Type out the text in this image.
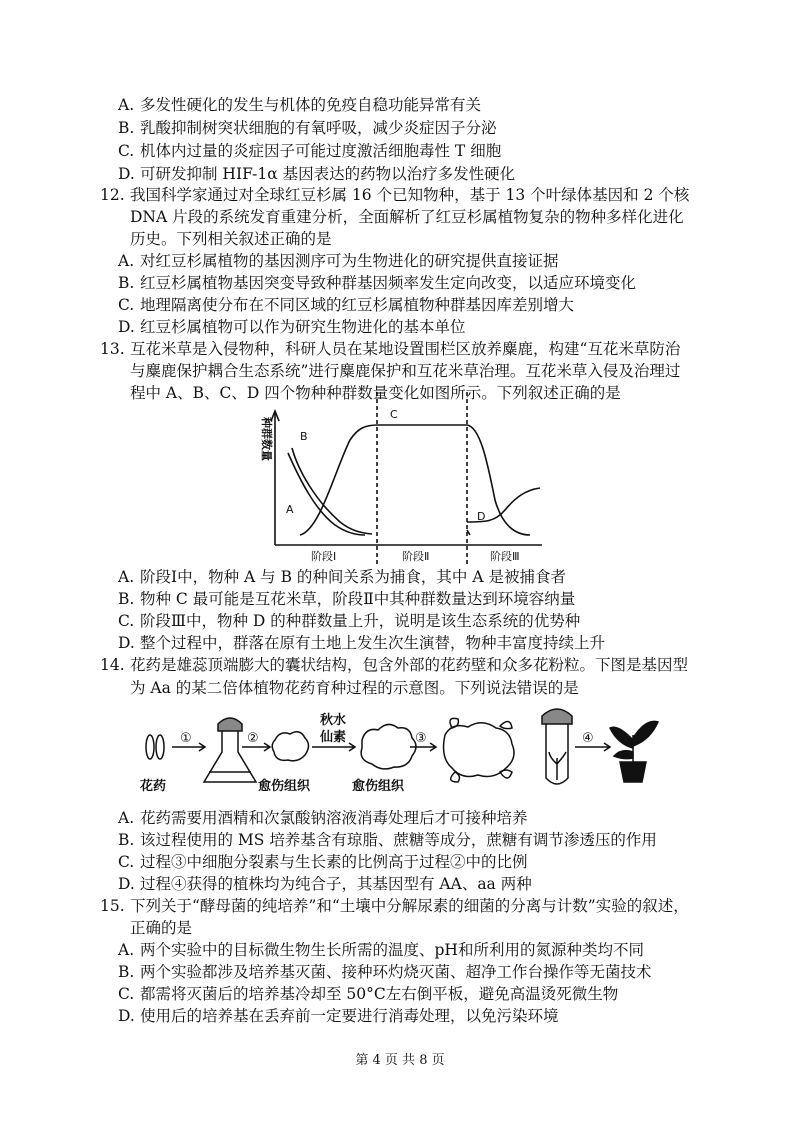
A. 多发性硬化的发生与机体的免疫自稳功能异常有关
B. 乳酸抑制树突状细胞的有氧呼吸，减少炎症因子分泌
C. 机体内过量的炎症因子可能过度激活细胞毒性 T 细胞
D. 可研发抑制 HIF-1α 基因表达的药物以治疗多发性硬化
12. 我国科学家通过对全球红豆杉属 16 个已知物种，基于 13 个叶绿体基因和 2 个核
DNA 片段的系统发育重建分析，全面解析了红豆杉属植物复杂的物种多样化进化
历史。下列相关叙述正确的是
A. 对红豆杉属植物的基因测序可为生物进化的研究提供直接证据
B. 红豆杉属植物基因突变导致种群基因频率发生定向改变，以适应环境变化
C. 地理隔离使分布在不同区域的红豆杉属植物种群基因库差别增大
D. 红豆杉属植物可以作为研究生物进化的基本单位
13. 互花米草是入侵物种，科研人员在某地设置围栏区放养麋鹿，构建“互花米草防治
与麋鹿保护耦合生态系统”进行麋鹿保护和互花米草治理。互花米草入侵及治理过
程中 A、B、C、D 四个物种种群数量变化如图所示。下列叙述正确的是
种群数量
A
B
C
D
阶段Ⅰ	阶段Ⅱ	阶段Ⅲ
A. 阶段Ⅰ中，物种 A 与 B 的种间关系为捕食，其中 A 是被捕食者
B. 物种 C 最可能是互花米草，阶段Ⅱ中其种群数量达到环境容纳量
C. 阶段Ⅲ中，物种 D 的种群数量上升，说明是该生态系统的优势种
D. 整个过程中，群落在原有土地上发生次生演替，物种丰富度持续上升
14. 花药是雄蕊顶端膨大的囊状结构，包含外部的花药壁和众多花粉粒。下图是基因型
为 Aa 的某二倍体植物花药育种过程的示意图。下列说法错误的是
①	②
秋水
仙素	③	④
花药	愈伤组织	愈伤组织
A. 花药需要用酒精和次氯酸钠溶液消毒处理后才可接种培养
B. 该过程使用的 MS 培养基含有琼脂、蔗糖等成分，蔗糖有调节渗透压的作用
C. 过程③中细胞分裂素与生长素的比例高于过程②中的比例
D. 过程④获得的植株均为纯合子，其基因型有 AA、aa 两种
15. 下列关于“酵母菌的纯培养”和“土壤中分解尿素的细菌的分离与计数”实验的叙述，
正确的是
A. 两个实验中的目标微生物生长所需的温度、pH和所利用的氮源种类均不同
B. 两个实验都涉及培养基灭菌、接种环灼烧灭菌、超净工作台操作等无菌技术
C. 都需将灭菌后的培养基冷却至 50°C左右倒平板，避免高温烫死微生物
D. 使用后的培养基在丢弃前一定要进行消毒处理，以免污染环境
第 4 页 共 8 页
